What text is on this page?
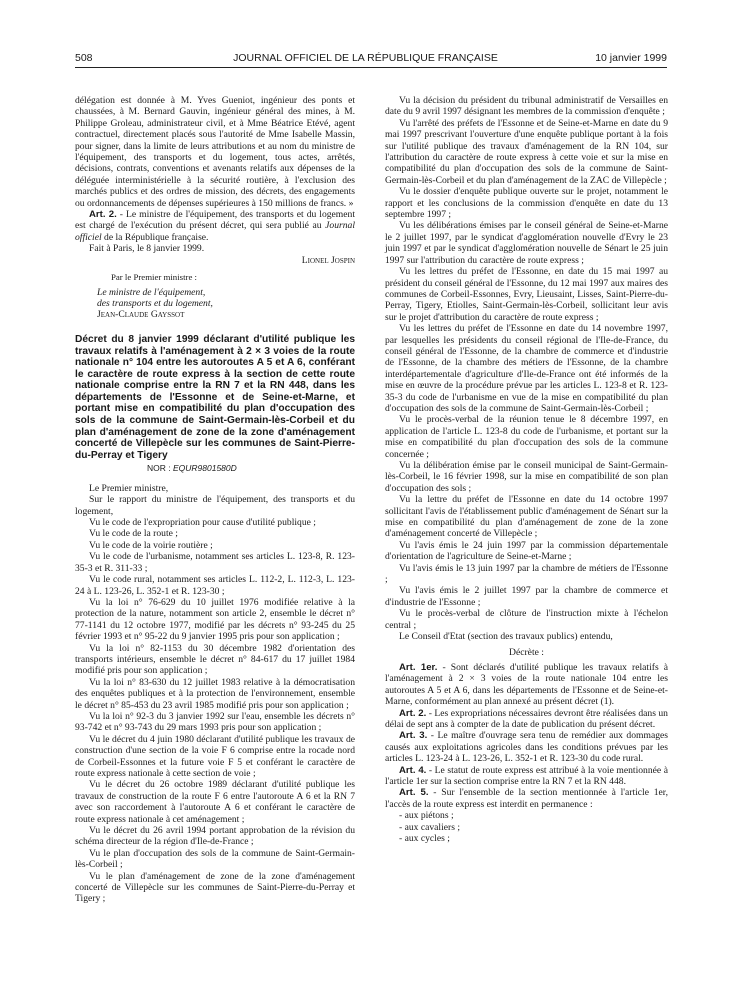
508	JOURNAL OFFICIEL DE LA RÉPUBLIQUE FRANÇAISE	10 janvier 1999

délégation est donnée à M. Yves Gueniot, ingénieur des ponts et chaussées, à M. Bernard Gauvin, ingénieur général des mines, à M. Philippe Groleau, administrateur civil, et à Mme Béatrice Etévé, agent contractuel, directement placés sous l'autorité de Mme Isabelle Massin, pour signer, dans la limite de leurs attributions et au nom du ministre de l'équipement, des transports et du logement, tous actes, arrêtés, décisions, contrats, conventions et avenants relatifs aux dépenses de la déléguée interministérielle à la sécurité routière, à l'exclusion des marchés publics et des ordres de mission, des décrets, des engagements ou ordonnancements de dépenses supérieures à 150 millions de francs. »

Art. 2. - Le ministre de l'équipement, des transports et du logement est chargé de l'exécution du présent décret, qui sera publié au Journal officiel de la République française.

Fait à Paris, le 8 janvier 1999.

Lionel Jospin

Par le Premier ministre :

Le ministre de l'équipement,

des transports et du logement,

Jean-Claude Gayssot

Décret du 8 janvier 1999 déclarant d'utilité publique les travaux relatifs à l'aménagement à 2 × 3 voies de la route nationale n° 104 entre les autoroutes A 5 et A 6, conférant le caractère de route express à la section de cette route nationale comprise entre la RN 7 et la RN 448, dans les départements de l'Essonne et de Seine-et-Marne, et portant mise en compatibilité du plan d'occupation des sols de la commune de Saint-Germain-lès-Corbeil et du plan d'aménagement de zone de la zone d'aménagement concerté de Villepècle sur les communes de Saint-Pierre-du-Perray et Tigery

NOR : EQUR9801580D

Le Premier ministre,

Sur le rapport du ministre de l'équipement, des transports et du logement,

Vu le code de l'expropriation pour cause d'utilité publique ;

Vu le code de la route ;

Vu le code de la voirie routière ;

Vu le code de l'urbanisme, notamment ses articles L. 123-8, R. 123-35-3 et R. 311-33 ;

Vu le code rural, notamment ses articles L. 112-2, L. 112-3, L. 123-24 à L. 123-26, L. 352-1 et R. 123-30 ;

Vu la loi n° 76-629 du 10 juillet 1976 modifiée relative à la protection de la nature, notamment son article 2, ensemble le décret n° 77-1141 du 12 octobre 1977, modifié par les décrets n° 93-245 du 25 février 1993 et n° 95-22 du 9 janvier 1995 pris pour son application ;

Vu la loi n° 82-1153 du 30 décembre 1982 d'orientation des transports intérieurs, ensemble le décret n° 84-617 du 17 juillet 1984 modifié pris pour son application ;

Vu la loi n° 83-630 du 12 juillet 1983 relative à la démocratisation des enquêtes publiques et à la protection de l'environnement, ensemble le décret n° 85-453 du 23 avril 1985 modifié pris pour son application ;

Vu la loi n° 92-3 du 3 janvier 1992 sur l'eau, ensemble les décrets n° 93-742 et n° 93-743 du 29 mars 1993 pris pour son application ;

Vu le décret du 4 juin 1980 déclarant d'utilité publique les travaux de construction d'une section de la voie F 6 comprise entre la rocade nord de Corbeil-Essonnes et la future voie F 5 et conférant le caractère de route express nationale à cette section de voie ;

Vu le décret du 26 octobre 1989 déclarant d'utilité publique les travaux de construction de la route F 6 entre l'autoroute A 6 et la RN 7 avec son raccordement à l'autoroute A 6 et conférant le caractère de route express nationale à cet aménagement ;

Vu le décret du 26 avril 1994 portant approbation de la révision du schéma directeur de la région d'Ile-de-France ;

Vu le plan d'occupation des sols de la commune de Saint-Germain-lès-Corbeil ;

Vu le plan d'aménagement de zone de la zone d'aménagement concerté de Villepècle sur les communes de Saint-Pierre-du-Perray et Tigery ;

Vu la décision du président du tribunal administratif de Versailles en date du 9 avril 1997 désignant les membres de la commission d'enquête ;

Vu l'arrêté des préfets de l'Essonne et de Seine-et-Marne en date du 9 mai 1997 prescrivant l'ouverture d'une enquête publique portant à la fois sur l'utilité publique des travaux d'aménagement de la RN 104, sur l'attribution du caractère de route express à cette voie et sur la mise en compatibilité du plan d'occupation des sols de la commune de Saint-Germain-lès-Corbeil et du plan d'aménagement de la ZAC de Villepècle ;

Vu le dossier d'enquête publique ouverte sur le projet, notamment le rapport et les conclusions de la commission d'enquête en date du 13 septembre 1997 ;

Vu les délibérations émises par le conseil général de Seine-et-Marne le 2 juillet 1997, par le syndicat d'agglomération nouvelle d'Evry le 23 juin 1997 et par le syndicat d'agglomération nouvelle de Sénart le 25 juin 1997 sur l'attribution du caractère de route express ;

Vu les lettres du préfet de l'Essonne, en date du 15 mai 1997 au président du conseil général de l'Essonne, du 12 mai 1997 aux maires des communes de Corbeil-Essonnes, Evry, Lieusaint, Lisses, Saint-Pierre-du-Perray, Tigery, Etiolles, Saint-Germain-lès-Corbeil, sollicitant leur avis sur le projet d'attribution du caractère de route express ;

Vu les lettres du préfet de l'Essonne en date du 14 novembre 1997, par lesquelles les présidents du conseil régional de l'Ile-de-France, du conseil général de l'Essonne, de la chambre de commerce et d'industrie de l'Essonne, de la chambre des métiers de l'Essonne, de la chambre interdépartementale d'agriculture d'Ile-de-France ont été informés de la mise en œuvre de la procédure prévue par les articles L. 123-8 et R. 123-35-3 du code de l'urbanisme en vue de la mise en compatibilité du plan d'occupation des sols de la commune de Saint-Germain-lès-Corbeil ;

Vu le procès-verbal de la réunion tenue le 8 décembre 1997, en application de l'article L. 123-8 du code de l'urbanisme, et portant sur la mise en compatibilité du plan d'occupation des sols de la commune concernée ;

Vu la délibération émise par le conseil municipal de Saint-Germain-lès-Corbeil, le 16 février 1998, sur la mise en compatibilité de son plan d'occupation des sols ;

Vu la lettre du préfet de l'Essonne en date du 14 octobre 1997 sollicitant l'avis de l'établissement public d'aménagement de Sénart sur la mise en compatibilité du plan d'aménagement de zone de la zone d'aménagement concerté de Villepècle ;

Vu l'avis émis le 24 juin 1997 par la commission départementale d'orientation de l'agriculture de Seine-et-Marne ;

Vu l'avis émis le 13 juin 1997 par la chambre de métiers de l'Essonne ;

Vu l'avis émis le 2 juillet 1997 par la chambre de commerce et d'industrie de l'Essonne ;

Vu le procès-verbal de clôture de l'instruction mixte à l'échelon central ;

Le Conseil d'Etat (section des travaux publics) entendu,

Décrète :

Art. 1er. - Sont déclarés d'utilité publique les travaux relatifs à l'aménagement à 2 × 3 voies de la route nationale 104 entre les autoroutes A 5 et A 6, dans les départements de l'Essonne et de Seine-et-Marne, conformément au plan annexé au présent décret (1).

Art. 2. - Les expropriations nécessaires devront être réalisées dans un délai de sept ans à compter de la date de publication du présent décret.

Art. 3. - Le maître d'ouvrage sera tenu de remédier aux dommages causés aux exploitations agricoles dans les conditions prévues par les articles L. 123-24 à L. 123-26, L. 352-1 et R. 123-30 du code rural.

Art. 4. - Le statut de route express est attribué à la voie mentionnée à l'article 1er sur la section comprise entre la RN 7 et la RN 448.

Art. 5. - Sur l'ensemble de la section mentionnée à l'article 1er, l'accès de la route express est interdit en permanence :

- aux piétons ;

- aux cavaliers ;

- aux cycles ;
